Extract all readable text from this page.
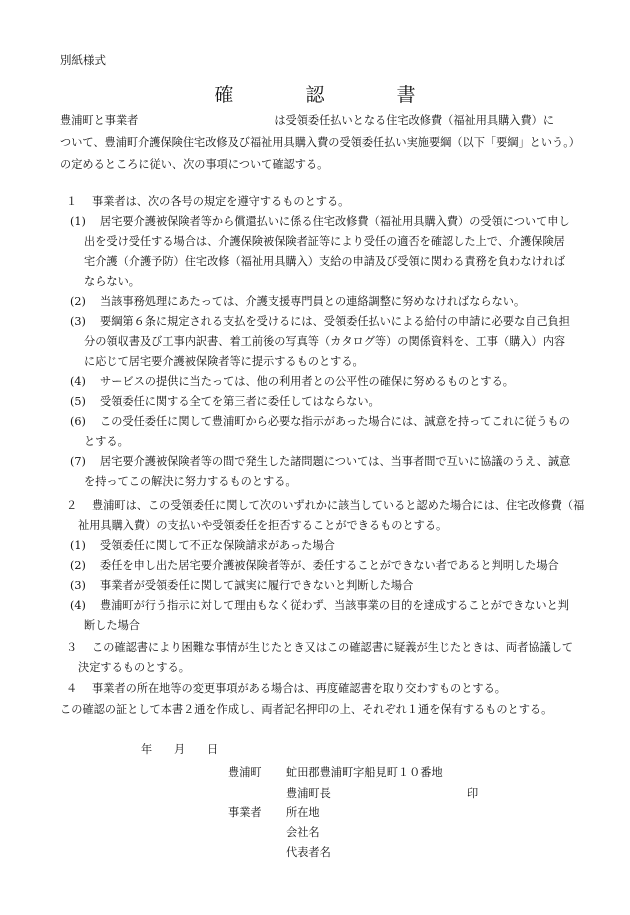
別紙様式
確	認	書
豊浦町と事業者	は受領委任払いとなる住宅改修費（福祉用具購入費）に
ついて、豊浦町介護保険住宅改修及び福祉用具購入費の受領委任払い実施要綱（以下「要綱」という。）
の定めるところに従い、次の事項について確認する。
１ 事業者は、次の各号の規定を遵守するものとする。
(1) 居宅要介護被保険者等から償還払いに係る住宅改修費（福祉用具購入費）の受領について申し
出を受け受任する場合は、介護保険被保険者証等により受任の適否を確認した上で、介護保険居
宅介護（介護予防）住宅改修（福祉用具購入）支給の申請及び受領に関わる責務を負わなければ
ならない。
(2) 当該事務処理にあたっては、介護支援専門員との連絡調整に努めなければならない。
(3) 要綱第６条に規定される支払を受けるには、受領委任払いによる給付の申請に必要な自己負担
分の領収書及び工事内訳書、着工前後の写真等（カタログ等）の関係資料を、工事（購入）内容
に応じて居宅要介護被保険者等に提示するものとする。
(4) サービスの提供に当たっては、他の利用者との公平性の確保に努めるものとする。
(5) 受領委任に関する全てを第三者に委任してはならない。
(6) この受任委任に関して豊浦町から必要な指示があった場合には、誠意を持ってこれに従うもの
とする。
(7) 居宅要介護被保険者等の間で発生した諸問題については、当事者間で互いに協議のうえ、誠意
を持ってこの解決に努力するものとする。
２ 豊浦町は、この受領委任に関して次のいずれかに該当していると認めた場合には、住宅改修費（福
祉用具購入費）の支払いや受領委任を拒否することができるものとする。
(1) 受領委任に関して不正な保険請求があった場合
(2) 委任を申し出た居宅要介護被保険者等が、委任することができない者であると判明した場合
(3) 事業者が受領委任に関して誠実に履行できないと判断した場合
(4) 豊浦町が行う指示に対して理由もなく従わず、当該事業の目的を達成することができないと判
断した場合
３ この確認書により困難な事情が生じたとき又はこの確認書に疑義が生じたときは、両者協議して
決定するものとする。
４ 事業者の所在地等の変更事項がある場合は、再度確認書を取り交わすものとする。
この確認の証として本書２通を作成し、両者記名押印の上、それぞれ１通を保有するものとする。
年 月 日
豊浦町 虻田郡豊浦町字船見町１０番地
豊浦町長	印
事業者 所在地
会社名
代表者名
